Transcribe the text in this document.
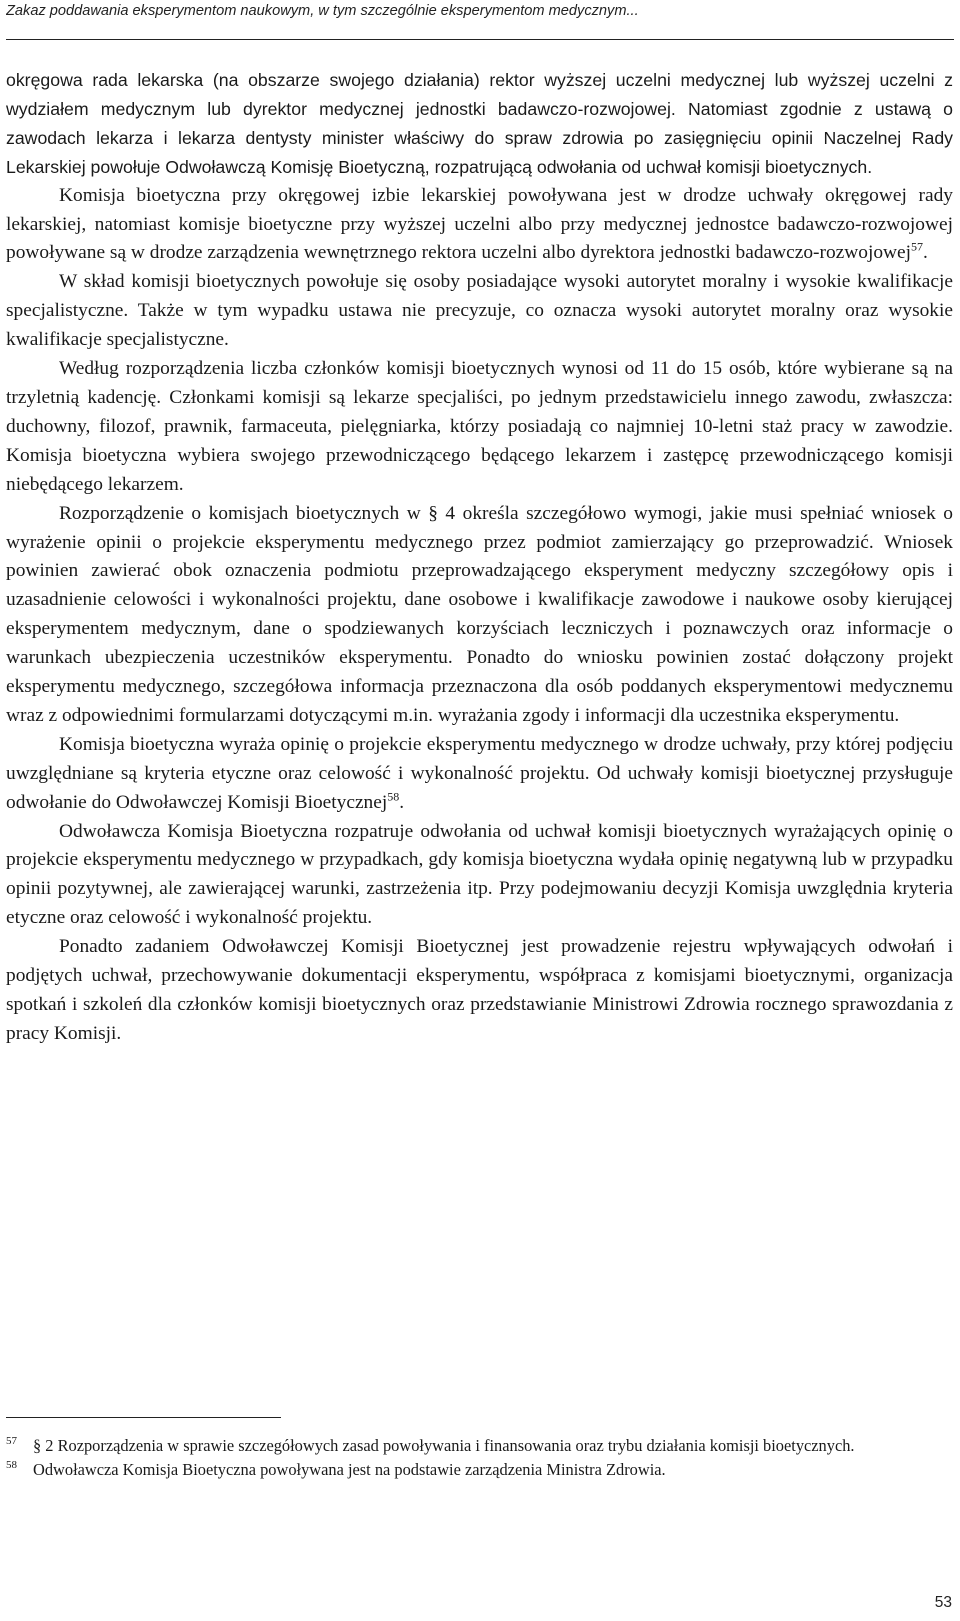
Zakaz poddawania eksperymentom naukowym, w tym szczególnie eksperymentom medycznym...

okręgowa rada lekarska (na obszarze swojego działania) rektor wyższej uczelni medycznej lub wyższej uczelni z wydziałem medycznym lub dyrektor medycznej jednostki badawczo-rozwojowej. Natomiast zgodnie z ustawą o zawodach lekarza i lekarza dentysty minister właściwy do spraw zdrowia po zasięgnięciu opinii Naczelnej Rady Lekarskiej powołuje Odwoławczą Komisję Bioetyczną, rozpatrującą odwołania od uchwał komisji bioetycznych.

Komisja bioetyczna przy okręgowej izbie lekarskiej powoływana jest w drodze uchwały okręgowej rady lekarskiej, natomiast komisje bioetyczne przy wyższej uczelni albo przy medycznej jednostce badawczo-rozwojowej powoływane są w drodze zarządzenia wewnętrznego rektora uczelni albo dyrektora jednostki badawczo-rozwojowej$^{57}$.

W skład komisji bioetycznych powołuje się osoby posiadające wysoki autorytet moralny i wysokie kwalifikacje specjalistyczne. Także w tym wypadku ustawa nie precyzuje, co oznacza wysoki autorytet moralny oraz wysokie kwalifikacje specjalistyczne.

Według rozporządzenia liczba członków komisji bioetycznych wynosi od 11 do 15 osób, które wybierane są na trzyletnią kadencję. Członkami komisji są lekarze specjaliści, po jednym przedstawicielu innego zawodu, zwłaszcza: duchowny, filozof, prawnik, farmaceuta, pielęgniarka, którzy posiadają co najmniej 10-letni staż pracy w zawodzie. Komisja bioetyczna wybiera swojego przewodniczącego będącego lekarzem i zastępcę przewodniczącego komisji niebędącego lekarzem.

Rozporządzenie o komisjach bioetycznych w § 4 określa szczegółowo wymogi, jakie musi spełniać wniosek o wyrażenie opinii o projekcie eksperymentu medycznego przez podmiot zamierzający go przeprowadzić. Wniosek powinien zawierać obok oznaczenia podmiotu przeprowadzającego eksperyment medyczny szczegółowy opis i uzasadnienie celowości i wykonalności projektu, dane osobowe i kwalifikacje zawodowe i naukowe osoby kierującej eksperymentem medycznym, dane o spodziewanych korzyściach leczniczych i poznawczych oraz informacje o warunkach ubezpieczenia uczestników eksperymentu. Ponadto do wniosku powinien zostać dołączony projekt eksperymentu medycznego, szczegółowa informacja przeznaczona dla osób poddanych eksperymentowi medycznemu wraz z odpowiednimi formularzami dotyczącymi m.in. wyrażania zgody i informacji dla uczestnika eksperymentu.

Komisja bioetyczna wyraża opinię o projekcie eksperymentu medycznego w drodze uchwały, przy której podjęciu uwzględniane są kryteria etyczne oraz celowość i wykonalność projektu. Od uchwały komisji bioetycznej przysługuje odwołanie do Odwoławczej Komisji Bioetycznej$^{58}$.

Odwoławcza Komisja Bioetyczna rozpatruje odwołania od uchwał komisji bioetycznych wyrażających opinię o projekcie eksperymentu medycznego w przypadkach, gdy komisja bioetyczna wydała opinię negatywną lub w przypadku opinii pozytywnej, ale zawierającej warunki, zastrzeżenia itp. Przy podejmowaniu decyzji Komisja uwzględnia kryteria etyczne oraz celowość i wykonalność projektu.

Ponadto zadaniem Odwoławczej Komisji Bioetycznej jest prowadzenie rejestru wpływających odwołań i podjętych uchwał, przechowywanie dokumentacji eksperymentu, współpraca z komisjami bioetycznymi, organizacja spotkań i szkoleń dla członków komisji bioetycznych oraz przedstawianie Ministrowi Zdrowia rocznego sprawozdania z pracy Komisji.

57 § 2 Rozporządzenia w sprawie szczegółowych zasad powoływania i finansowania oraz trybu działania komisji bioetycznych.
58 Odwoławcza Komisja Bioetyczna powoływana jest na podstawie zarządzenia Ministra Zdrowia.
53
